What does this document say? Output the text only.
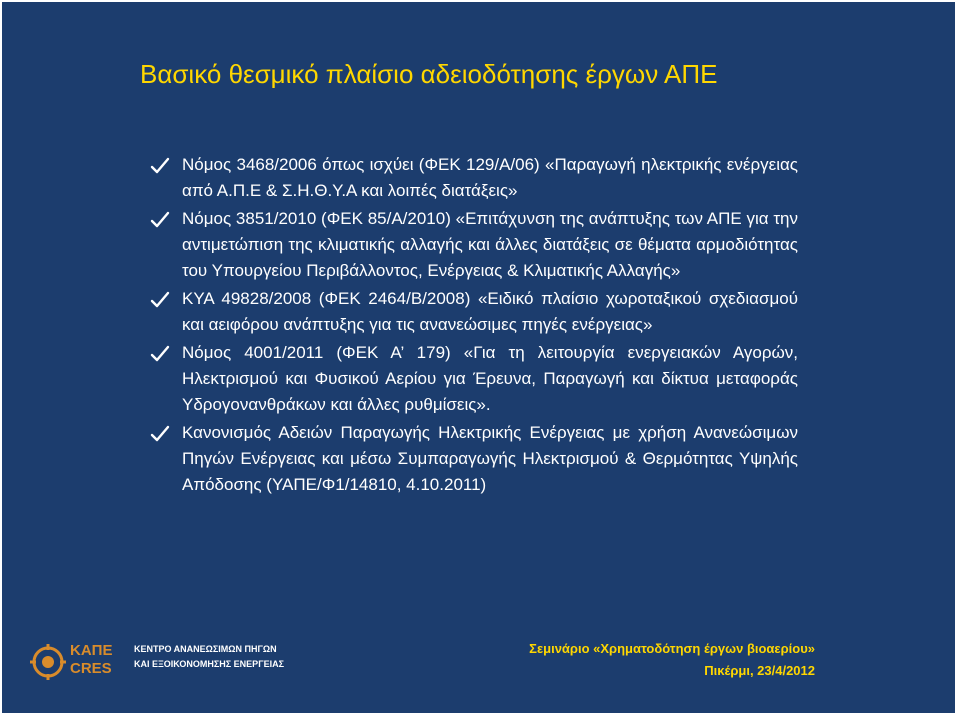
Βασικό θεσμικό πλαίσιο αδειοδότησης έργων ΑΠΕ
Νόμος 3468/2006 όπως ισχύει (ΦΕΚ 129/Α/06) «Παραγωγή ηλεκτρικής ενέργειας από Α.Π.Ε & Σ.Η.Θ.Υ.Α και λοιπές διατάξεις»
Νόμος 3851/2010 (ΦΕΚ 85/Α/2010) «Επιτάχυνση της ανάπτυξης των ΑΠΕ για την αντιμετώπιση της κλιματικής αλλαγής και άλλες διατάξεις σε θέματα αρμοδιότητας του Υπουργείου Περιβάλλοντος, Ενέργειας & Κλιματικής Αλλαγής»
ΚΥΑ 49828/2008 (ΦΕΚ 2464/Β/2008) «Ειδικό πλαίσιο χωροταξικού σχεδιασμού και αειφόρου ανάπτυξης για τις ανανεώσιμες πηγές ενέργειας»
Νόμος 4001/2011 (ΦΕΚ Α’ 179) «Για τη λειτουργία ενεργειακών Αγορών, Ηλεκτρισμού και Φυσικού Αερίου για Έρευνα, Παραγωγή και δίκτυα μεταφοράς Υδρογονανθράκων και άλλες ρυθμίσεις».
Κανονισμός Αδειών Παραγωγής Ηλεκτρικής Ενέργειας με χρήση Ανανεώσιμων Πηγών Ενέργειας και μέσω Συμπαραγωγής Ηλεκτρισμού & Θερμότητας Υψηλής Απόδοσης (ΥΑΠΕ/Φ1/14810, 4.10.2011)
ΚΑΠΕ
CRES
ΚΕΝΤΡΟ ΑΝΑΝΕΩΣΙΜΩΝ ΠΗΓΩΝ
ΚΑΙ ΕΞΟΙΚΟΝΟΜΗΣΗΣ ΕΝΕΡΓΕΙΑΣ
Σεμινάριο «Χρηματοδότηση έργων βιοαερίου»
Πικέρμι, 23/4/2012
